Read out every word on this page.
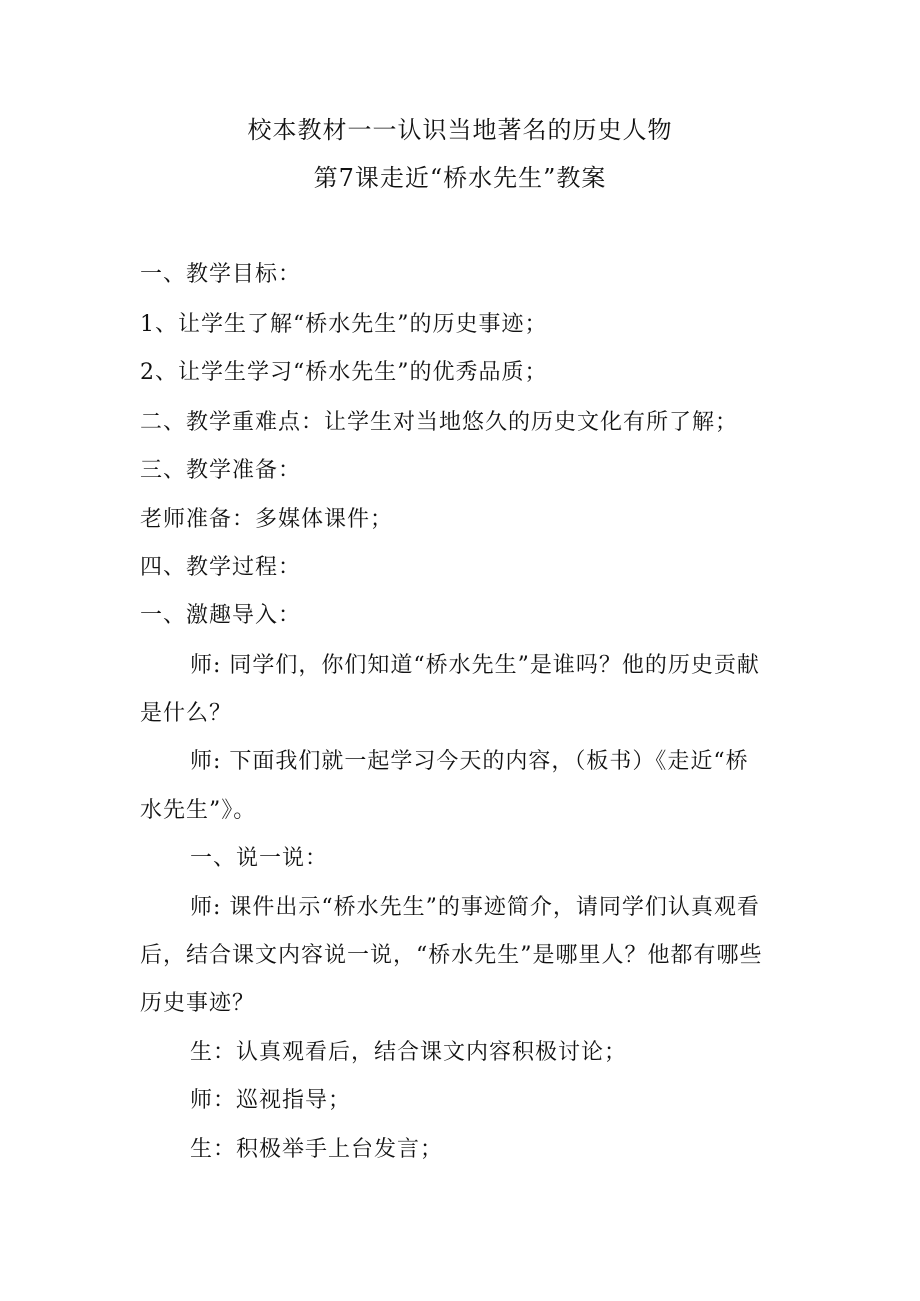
校本教材一一认识当地著名的历史人物
第7课走近“桥水先生”教案
一、教学目标：
1、让学生了解“桥水先生”的历史事迹；
2、让学生学习“桥水先生”的优秀品质；
二、教学重难点：让学生对当地悠久的历史文化有所了解；
三、教学准备：
老师准备：多媒体课件；
四、教学过程：
一、激趣导入：
师: 同学们，你们知道“桥水先生”是谁吗？他的历史贡献
是什么？
师: 下面我们就一起学习今天的内容，（板书）《走近“桥
水先生”》。
一、说一说：
师: 课件出示“桥水先生”的事迹简介，请同学们认真观看
后，结合课文内容说一说，“桥水先生”是哪里人？他都有哪些
历史事迹？
生：认真观看后，结合课文内容积极讨论；
师：巡视指导；
生：积极举手上台发言；
